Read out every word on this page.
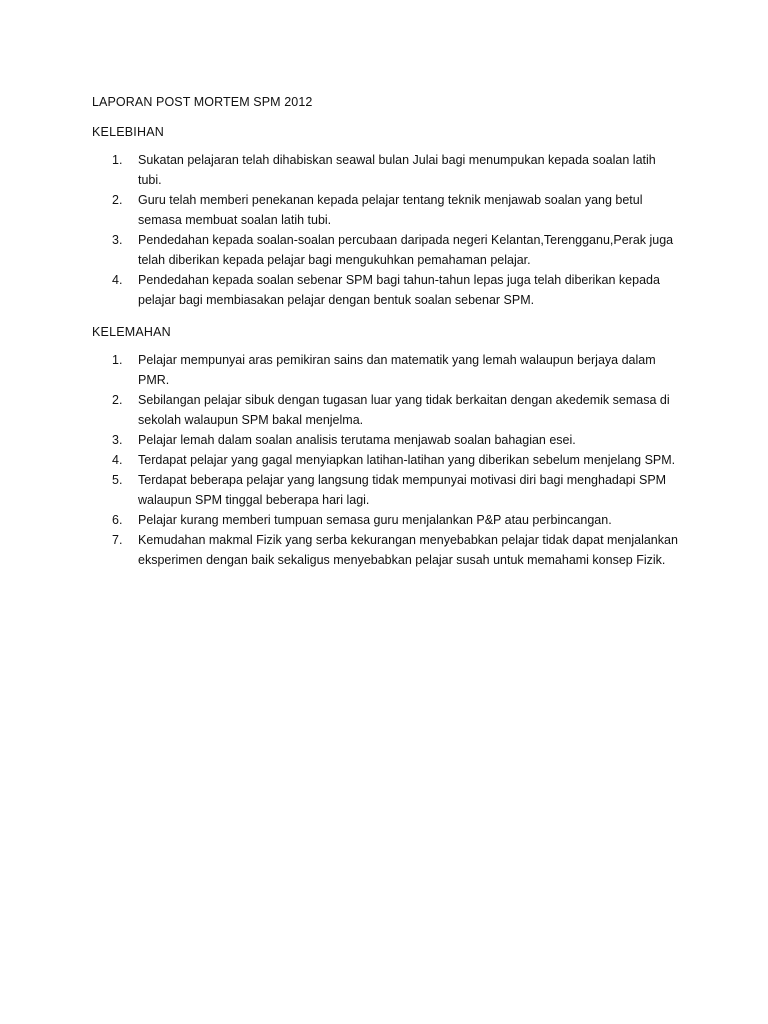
LAPORAN POST MORTEM SPM 2012

KELEBIHAN

1.	Sukatan pelajaran telah dihabiskan seawal bulan Julai bagi menumpukan kepada soalan latih tubi.
2.	Guru telah memberi penekanan kepada pelajar tentang teknik menjawab soalan yang betul semasa membuat soalan latih tubi.
3.	Pendedahan kepada soalan-soalan percubaan daripada negeri Kelantan,Terengganu,Perak juga telah diberikan kepada pelajar bagi mengukuhkan pemahaman pelajar.
4.	Pendedahan kepada soalan sebenar SPM bagi tahun-tahun lepas juga telah diberikan kepada pelajar bagi membiasakan pelajar dengan bentuk soalan sebenar SPM.

KELEMAHAN

1.	Pelajar mempunyai aras pemikiran sains dan matematik yang lemah walaupun berjaya dalam PMR.
2.	Sebilangan pelajar sibuk dengan tugasan luar yang tidak berkaitan dengan akedemik semasa di sekolah walaupun SPM bakal menjelma.
3.	Pelajar lemah dalam soalan analisis terutama menjawab soalan bahagian esei.
4.	Terdapat pelajar yang gagal menyiapkan latihan-latihan yang diberikan sebelum menjelang SPM.
5.	Terdapat beberapa pelajar yang langsung tidak mempunyai motivasi diri bagi menghadapi SPM walaupun SPM tinggal beberapa hari lagi.
6.	Pelajar kurang memberi tumpuan semasa guru menjalankan P&P atau perbincangan.
7.	Kemudahan makmal Fizik yang serba kekurangan menyebabkan pelajar tidak dapat menjalankan eksperimen dengan baik sekaligus menyebabkan pelajar susah untuk memahami konsep Fizik.
